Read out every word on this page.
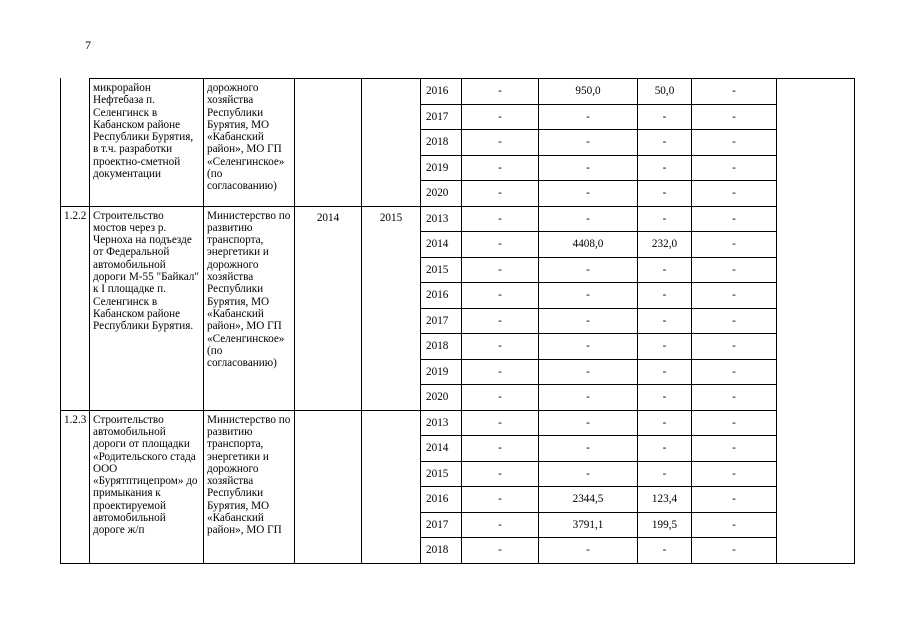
7
	микрорайон Нефтебаза п. Селенгинск в Кабанском районе Республики Бурятия, в т.ч. разработки проектно-сметной документации	дорожного хозяйства Республики Бурятия, МО «Кабанский район», МО ГП «Селенгинское» (по согласованию)			2016	-	950,0	50,0	-	
					2017	-	-	-	-	
					2018	-	-	-	-	
					2019	-	-	-	-	
					2020	-	-	-	-	
1.2.2	Строительство мостов через р. Черноха на подъезде от Федеральной автомобильной дороги М-55 "Байкал" к I площадке п. Селенгинск в Кабанском районе Республики Бурятия.	Министерство по развитию транспорта, энергетики и дорожного хозяйства Республики Бурятия, МО «Кабанский район», МО ГП «Селенгинское» (по согласованию)	2014	2015	2013	-	-	-	-	
					2014	-	4408,0	232,0	-	
					2015	-	-	-	-	
					2016	-	-	-	-	
					2017	-	-	-	-	
					2018	-	-	-	-	
					2019	-	-	-	-	
					2020	-	-	-	-	
1.2.3	Строительство автомобильной дороги от площадки «Родительского стада ООО «Бурятптицепром» до примыкания к проектируемой автомобильной дороге ж/п	Министерство по развитию транспорта, энергетики и дорожного хозяйства Республики Бурятия, МО «Кабанский район», МО ГП			2013	-	-	-	-	
					2014	-	-	-	-	
					2015	-	-	-	-	
					2016	-	2344,5	123,4	-	
					2017	-	3791,1	199,5	-	
					2018	-	-	-	-	
